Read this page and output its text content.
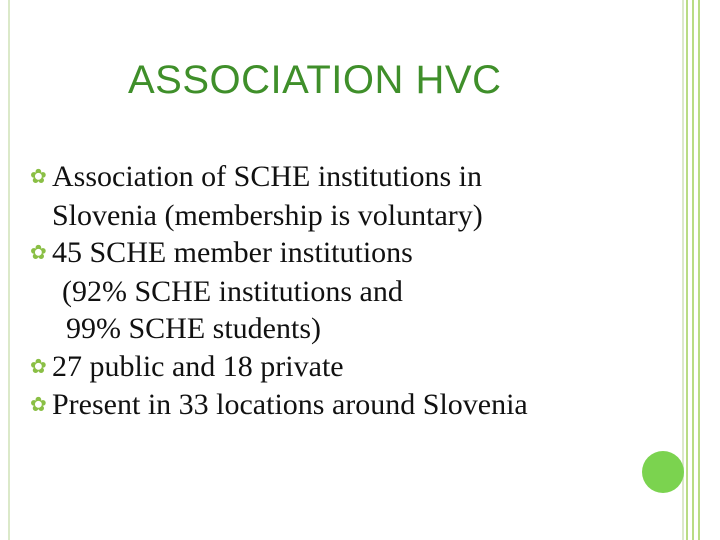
ASSOCIATION HVC
✿ Association of SCHE institutions in
Slovenia (membership is voluntary)
✿ 45 SCHE member institutions
(92% SCHE institutions and
99% SCHE students)
✿ 27 public and 18 private
✿ Present in 33 locations around Slovenia
